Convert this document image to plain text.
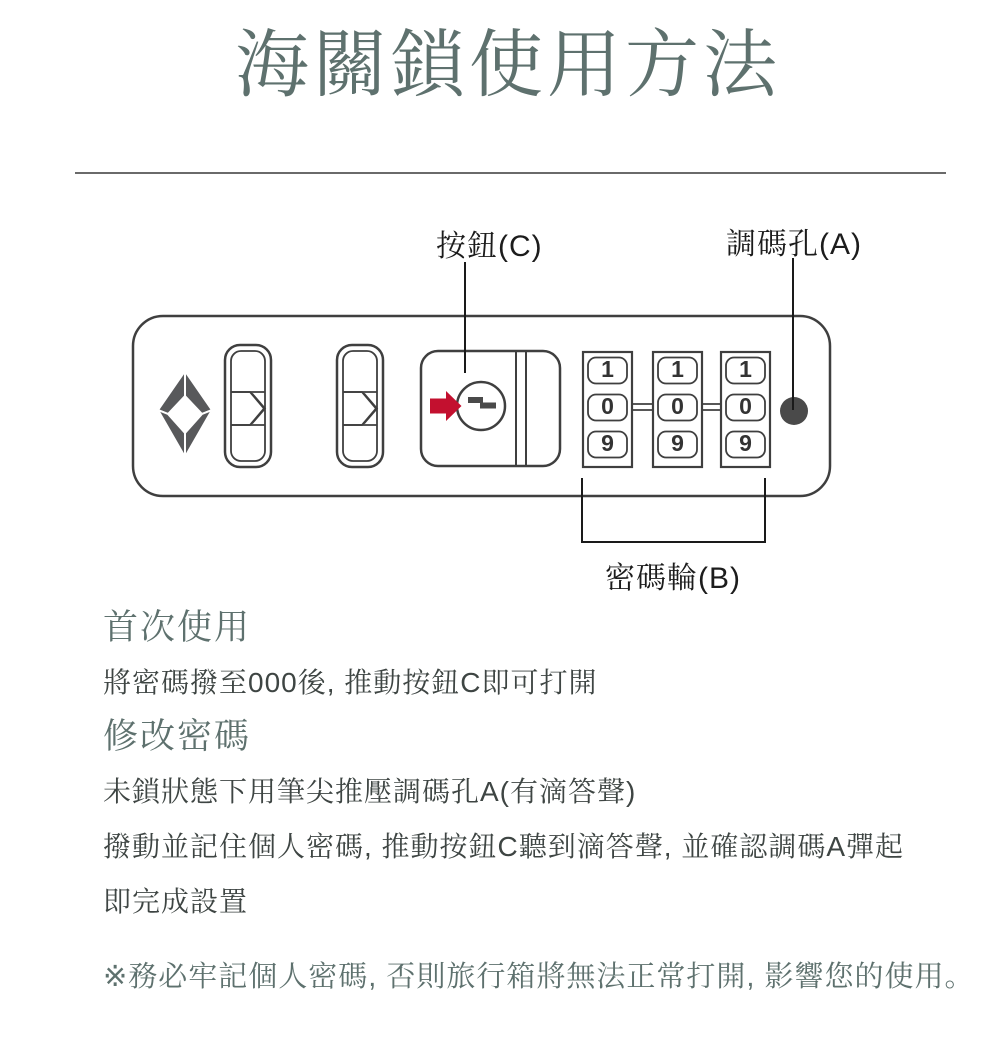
海關鎖使用方法
1
0
9
1
0
9
1
0
9
按鈕(C)	調碼孔(A)
密碼輪(B)
首次使用
將密碼撥至000後, 推動按鈕C即可打開
修改密碼
未鎖狀態下用筆尖推壓調碼孔A(有滴答聲)
撥動並記住個人密碼, 推動按鈕C聽到滴答聲, 並確認調碼A彈起
即完成設置
※務必牢記個人密碼, 否則旅行箱將無法正常打開, 影響您的使用。
